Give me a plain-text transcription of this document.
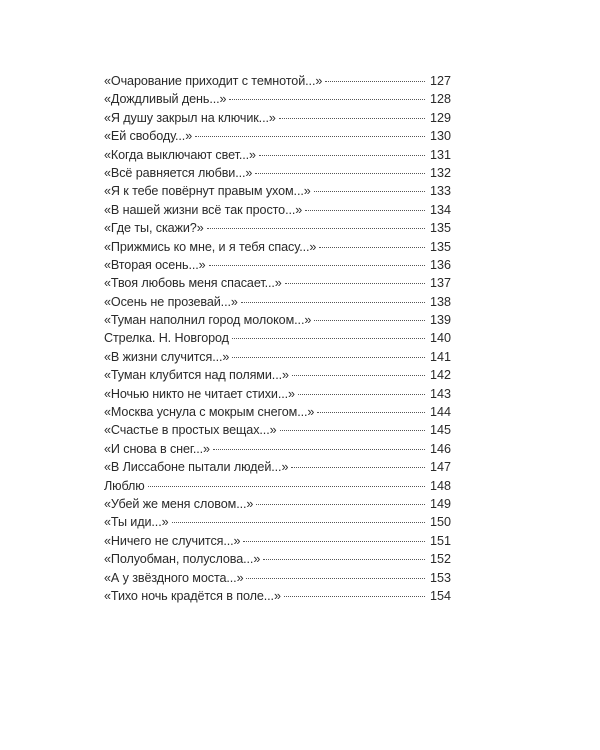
«Очарование приходит с темнотой...»	127
«Дождливый день...»	128
«Я душу закрыл на ключик...»	129
«Ей свободу...»	130
«Когда выключают свет...»	131
«Всё равняется любви...»	132
«Я к тебе повёрнут правым ухом...»	133
«В нашей жизни всё так просто...»	134
«Где ты, скажи?»	135
«Прижмись ко мне, и я тебя спасу...»	135
«Вторая осень...»	136
«Твоя любовь меня спасает...»	137
«Осень не прозевай...»	138
«Туман наполнил город молоком...»	139
Стрелка. Н. Новгород	140
«В жизни случится...»	141
«Туман клубится над полями...»	142
«Ночью никто не читает стихи...»	143
«Москва уснула с мокрым снегом...»	144
«Счастье в простых вещах...»	145
«И снова в снег...»	146
«В Лиссабоне пытали людей...»	147
Люблю	148
«Убей же меня словом...»	149
«Ты иди...»	150
«Ничего не случится...»	151
«Полуобман, полуслова...»	152
«А у звёздного моста...»	153
«Тихо ночь крадётся в поле...»	154
